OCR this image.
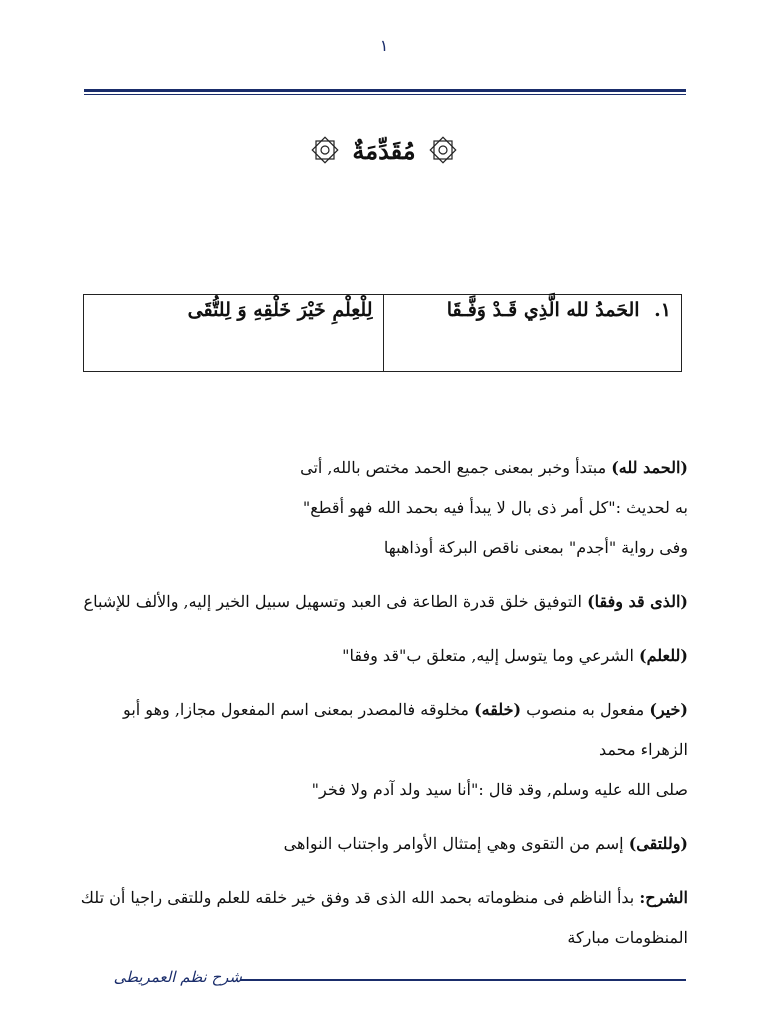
١
مُقَدِّمَةٌ
١. الحَمدُ لله الَّذِي قَـدْ وَفَّـقَا
لِلْعِلْمِ خَيْرَ خَلْقِهِ وَ لِلتُّقَى

(الحمد لله) مبتدأ وخبر بمعنى جميع الحمد مختص بالله, أتى

به لحديث :"كل أمر ذى بال لا يبدأ فيه بحمد الله فهو أقطع"

وفى رواية "أجدم" بمعنى ناقص البركة أوذاهبها

(الذى قد وفقا) التوفيق خلق قدرة الطاعة فى العبد وتسهيل سبيل الخير إليه, والألف للإشباع

(للعلم) الشرعي وما يتوسل إليه, متعلق ب"قد وفقا"

(خير) مفعول به منصوب (خلقه) مخلوقه فالمصدر بمعنى اسم المفعول مجازا, وهو أبو الزهراء محمد

صلى الله عليه وسلم, وقد قال :"أنا سيد ولد آدم ولا فخر"

(وللتقى) إسم من التقوى وهي إمتثال الأوامر واجتناب النواهى

الشرح: بدأ الناظم فى منظوماته بحمد الله الذى قد وفق خير خلقه للعلم وللتقى راجيا أن تلك

المنظومات مباركة

شرح نظم العمريطى
